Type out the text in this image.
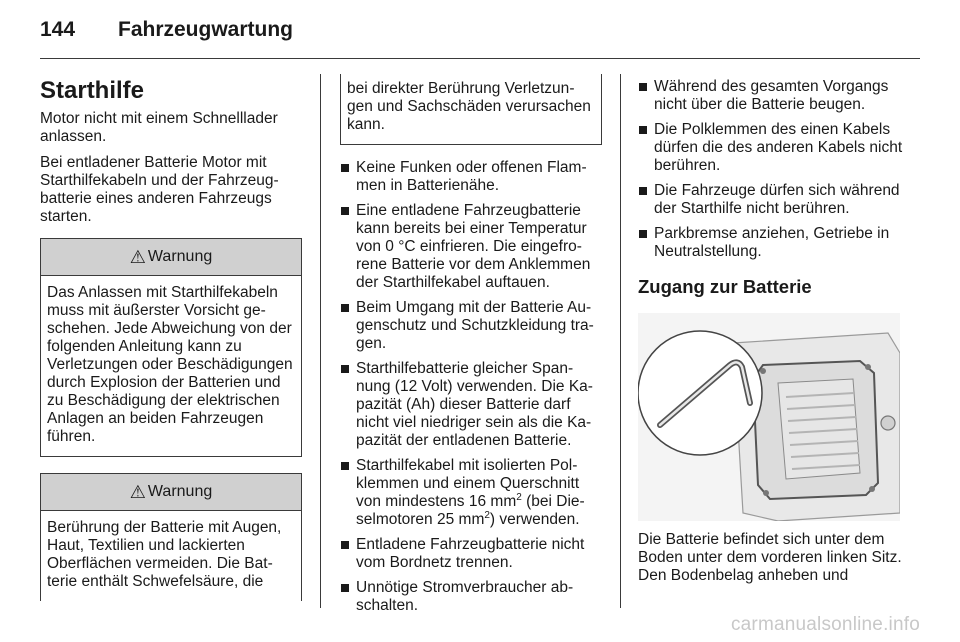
144 Fahrzeugwartung
Starthilfe

Motor nicht mit einem Schnelllader anlassen.

Bei entladener Batterie Motor mit Starthilfekabeln und der Fahrzeugbatterie eines anderen Fahrzeugs starten.

⚠ Warnung
Das Anlassen mit Starthilfekabeln muss mit äußerster Vorsicht geschehen. Jede Abweichung von der folgenden Anleitung kann zu Verletzungen oder Beschädigungen durch Explosion der Batterien und zu Beschädigung der elektrischen Anlagen an beiden Fahrzeugen führen.
⚠ Warnung
Berührung der Batterie mit Augen, Haut, Textilien und lackierten Oberflächen vermeiden. Die Batterie enthält Schwefelsäure, die
bei direkter Berührung Verletzungen und Sachschäden verursachen kann.
Keine Funken oder offenen Flammen in Batterienähe.
Eine entladene Fahrzeugbatterie kann bereits bei einer Temperatur von 0 °C einfrieren. Die eingefrorene Batterie vor dem Anklemmen der Starthilfekabel auftauen.
Beim Umgang mit der Batterie Augenschutz und Schutzkleidung tragen.
Starthilfebatterie gleicher Spannung (12 Volt) verwenden. Die Kapazität (Ah) dieser Batterie darf nicht viel niedriger sein als die Kapazität der entladenen Batterie.
Starthilfekabel mit isolierten Polklemmen und einem Querschnitt von mindestens 16 $mm^2$ (bei Dieselmotoren 25 $mm^2$) verwenden.
Entladene Fahrzeugbatterie nicht vom Bordnetz trennen.
Unnötige Stromverbraucher abschalten.
Während des gesamten Vorgangs nicht über die Batterie beugen.
Die Polklemmen des einen Kabels dürfen die des anderen Kabels nicht berühren.
Die Fahrzeuge dürfen sich während der Starthilfe nicht berühren.
Parkbremse anziehen, Getriebe in Neutralstellung.
Zugang zur Batterie

Die Batterie befindet sich unter dem Boden unter dem vorderen linken Sitz. Den Bodenbelag anheben und

carmanualsonline.info
